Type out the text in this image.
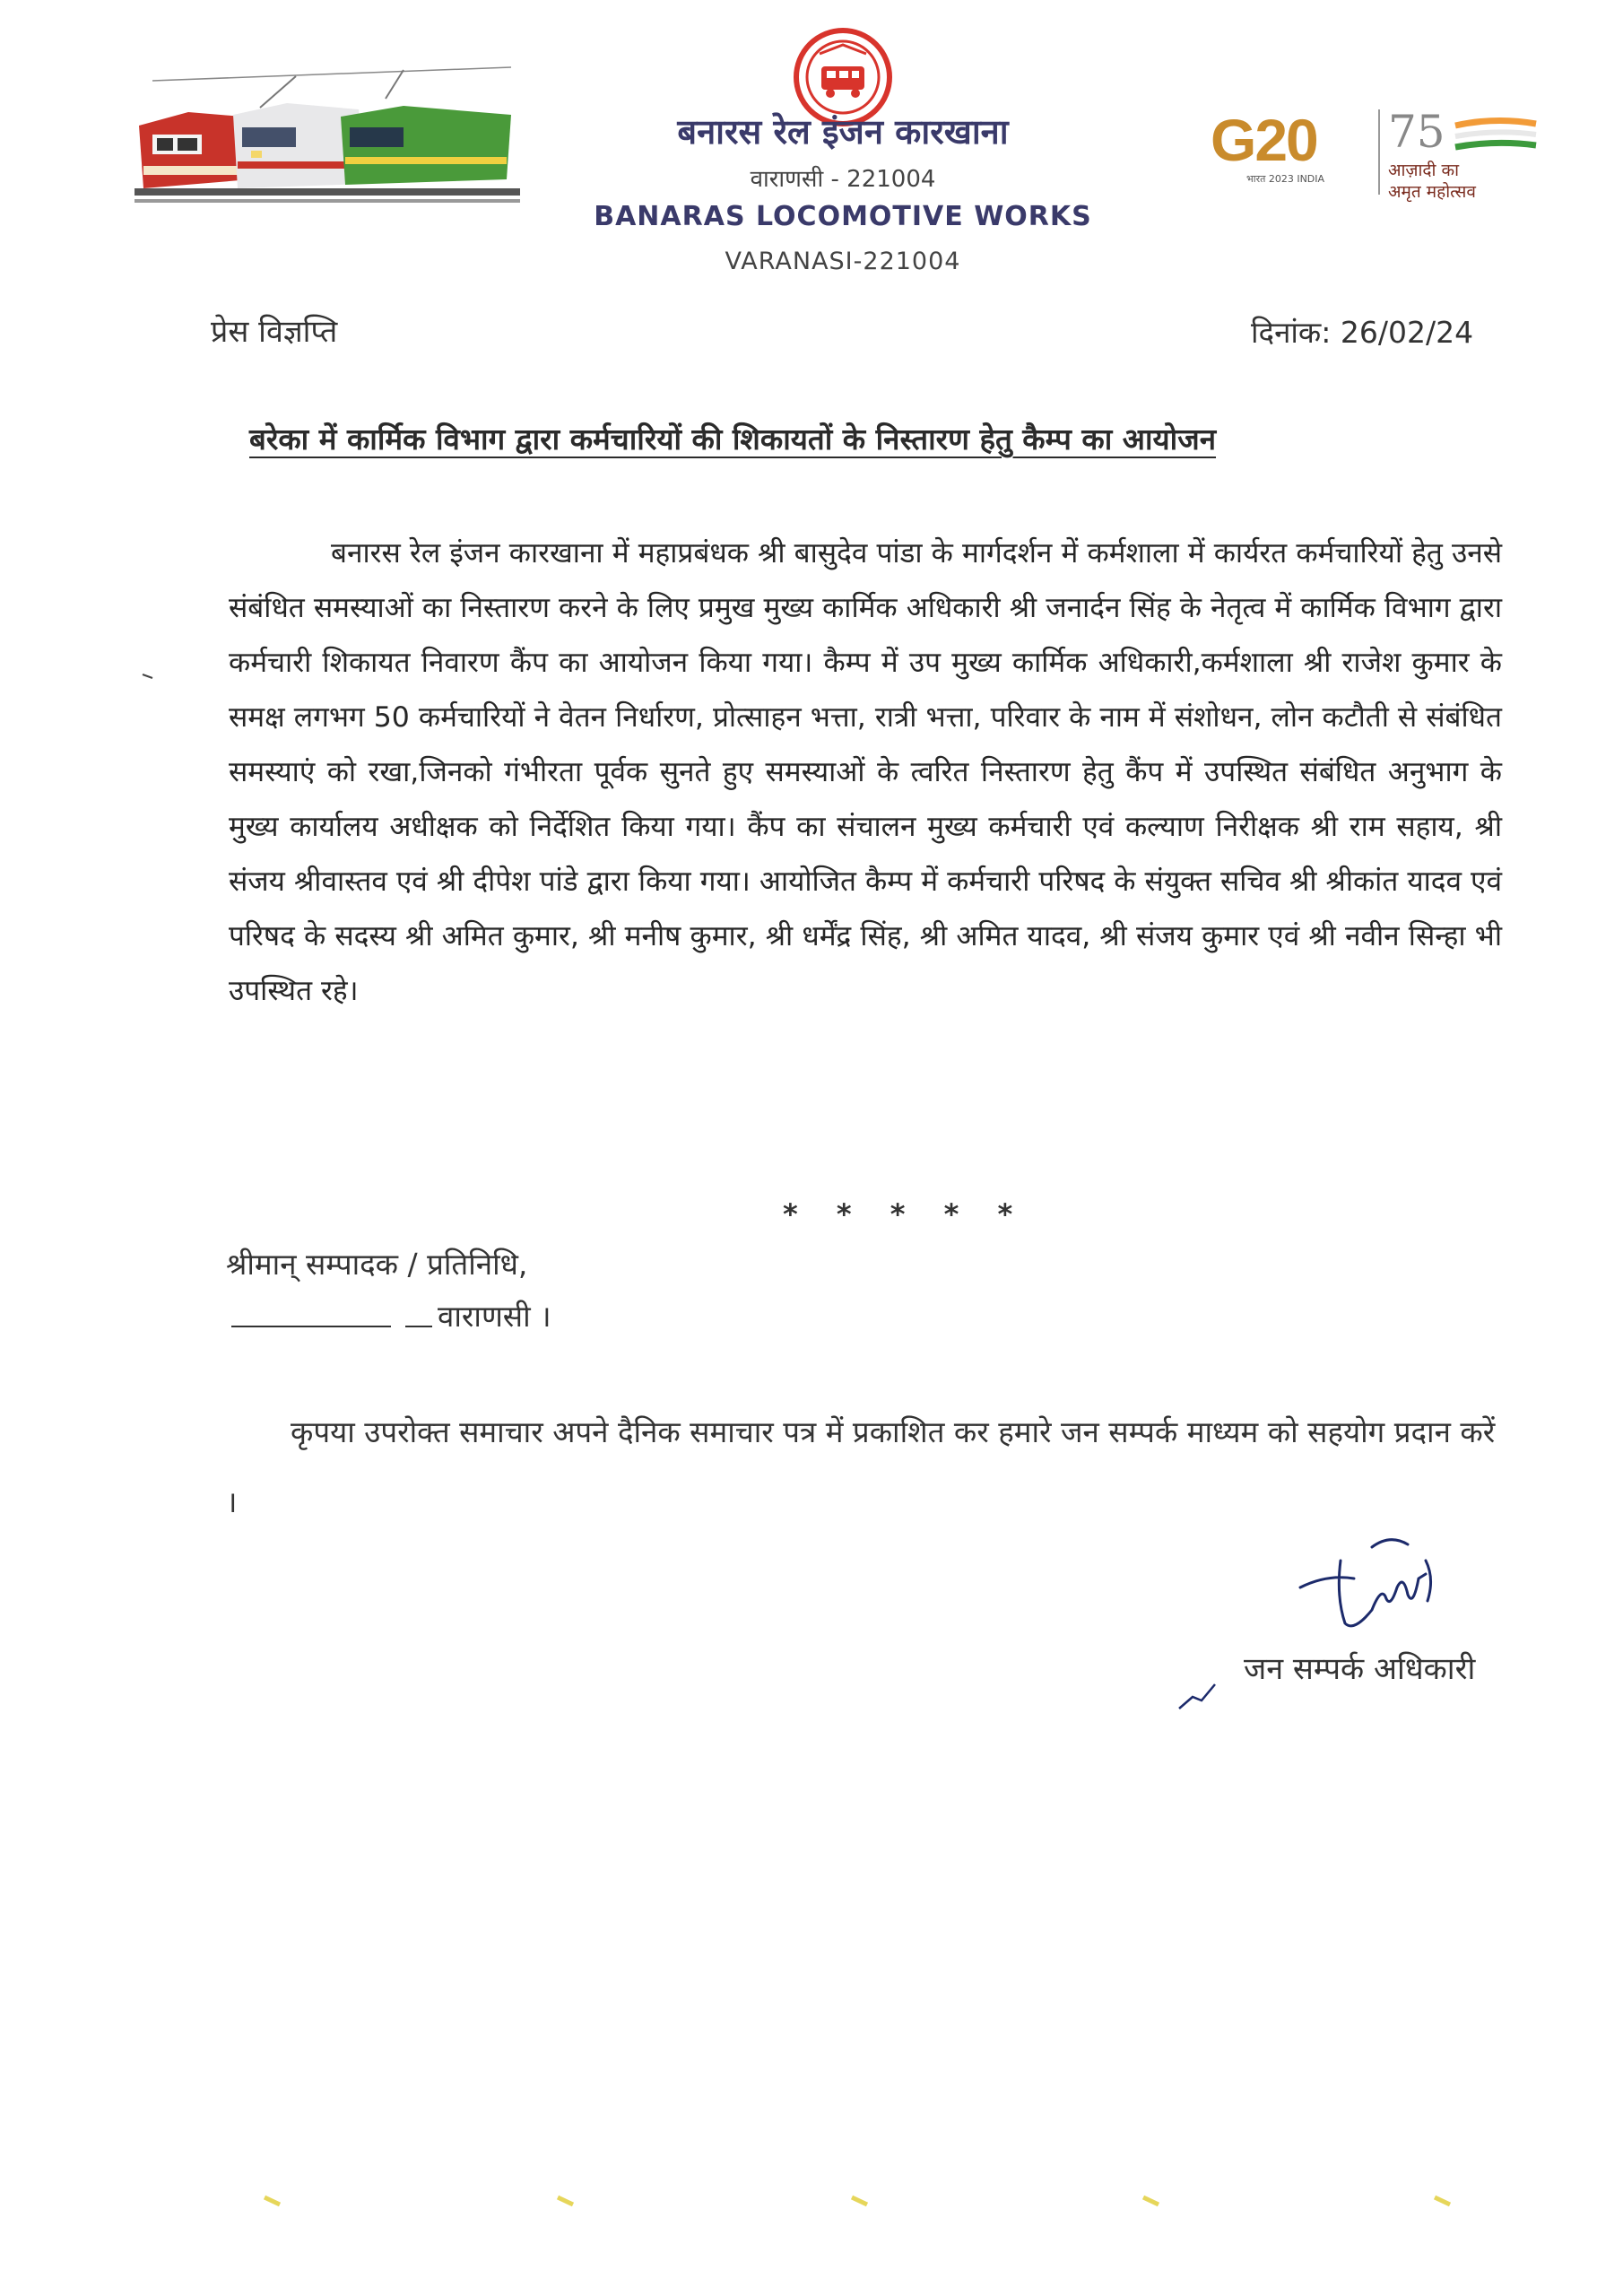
बनारस रेल इंजन कारखाना
वाराणसी - 221004
BANARAS LOCOMOTIVE WORKS
VARANASI-221004
G20
भारत 2023 INDIA
75
आज़ादी का
अमृत महोत्सव
प्रेस विज्ञप्ति	दिनांक: 26/02/24
बरेका में कार्मिक विभाग द्वारा कर्मचारियों की शिकायतों के निस्तारण हेतु कैम्प का आयोजन
बनारस रेल इंजन कारखाना में महाप्रबंधक श्री बासुदेव पांडा के मार्गदर्शन में कर्मशाला में कार्यरत कर्मचारियों हेतु उनसे संबंधित समस्याओं का निस्तारण करने के लिए प्रमुख मुख्य कार्मिक अधिकारी श्री जनार्दन सिंह के नेतृत्व में कार्मिक विभाग द्वारा कर्मचारी शिकायत निवारण कैंप का आयोजन किया गया। कैम्प में उप मुख्य कार्मिक अधिकारी,कर्मशाला श्री राजेश कुमार के समक्ष लगभग 50 कर्मचारियों ने वेतन निर्धारण, प्रोत्साहन भत्ता, रात्री भत्ता, परिवार के नाम में संशोधन, लोन कटौती से संबंधित समस्याएं को रखा,जिनको गंभीरता पूर्वक सुनते हुए समस्याओं के त्वरित निस्तारण हेतु कैंप में उपस्थित संबंधित अनुभाग के मुख्य कार्यालय अधीक्षक को निर्देशित किया गया। कैंप का संचालन मुख्य कर्मचारी एवं कल्याण निरीक्षक श्री राम सहाय, श्री संजय श्रीवास्तव एवं श्री दीपेश पांडे द्वारा किया गया। आयोजित कैम्प में कर्मचारी परिषद के संयुक्त सचिव श्री श्रीकांत यादव एवं परिषद के सदस्य श्री अमित कुमार, श्री मनीष कुमार, श्री धर्मेंद्र सिंह, श्री अमित यादव, श्री संजय कुमार एवं श्री नवीन सिन्हा भी उपस्थित रहे।
* * * * *
श्रीमान् सम्पादक / प्रतिनिधि,
वाराणसी ।
कृपया उपरोक्त समाचार अपने दैनिक समाचार पत्र में प्रकाशित कर हमारे जन सम्पर्क माध्यम को सहयोग प्रदान करें ।
जन सम्पर्क अधिकारी
